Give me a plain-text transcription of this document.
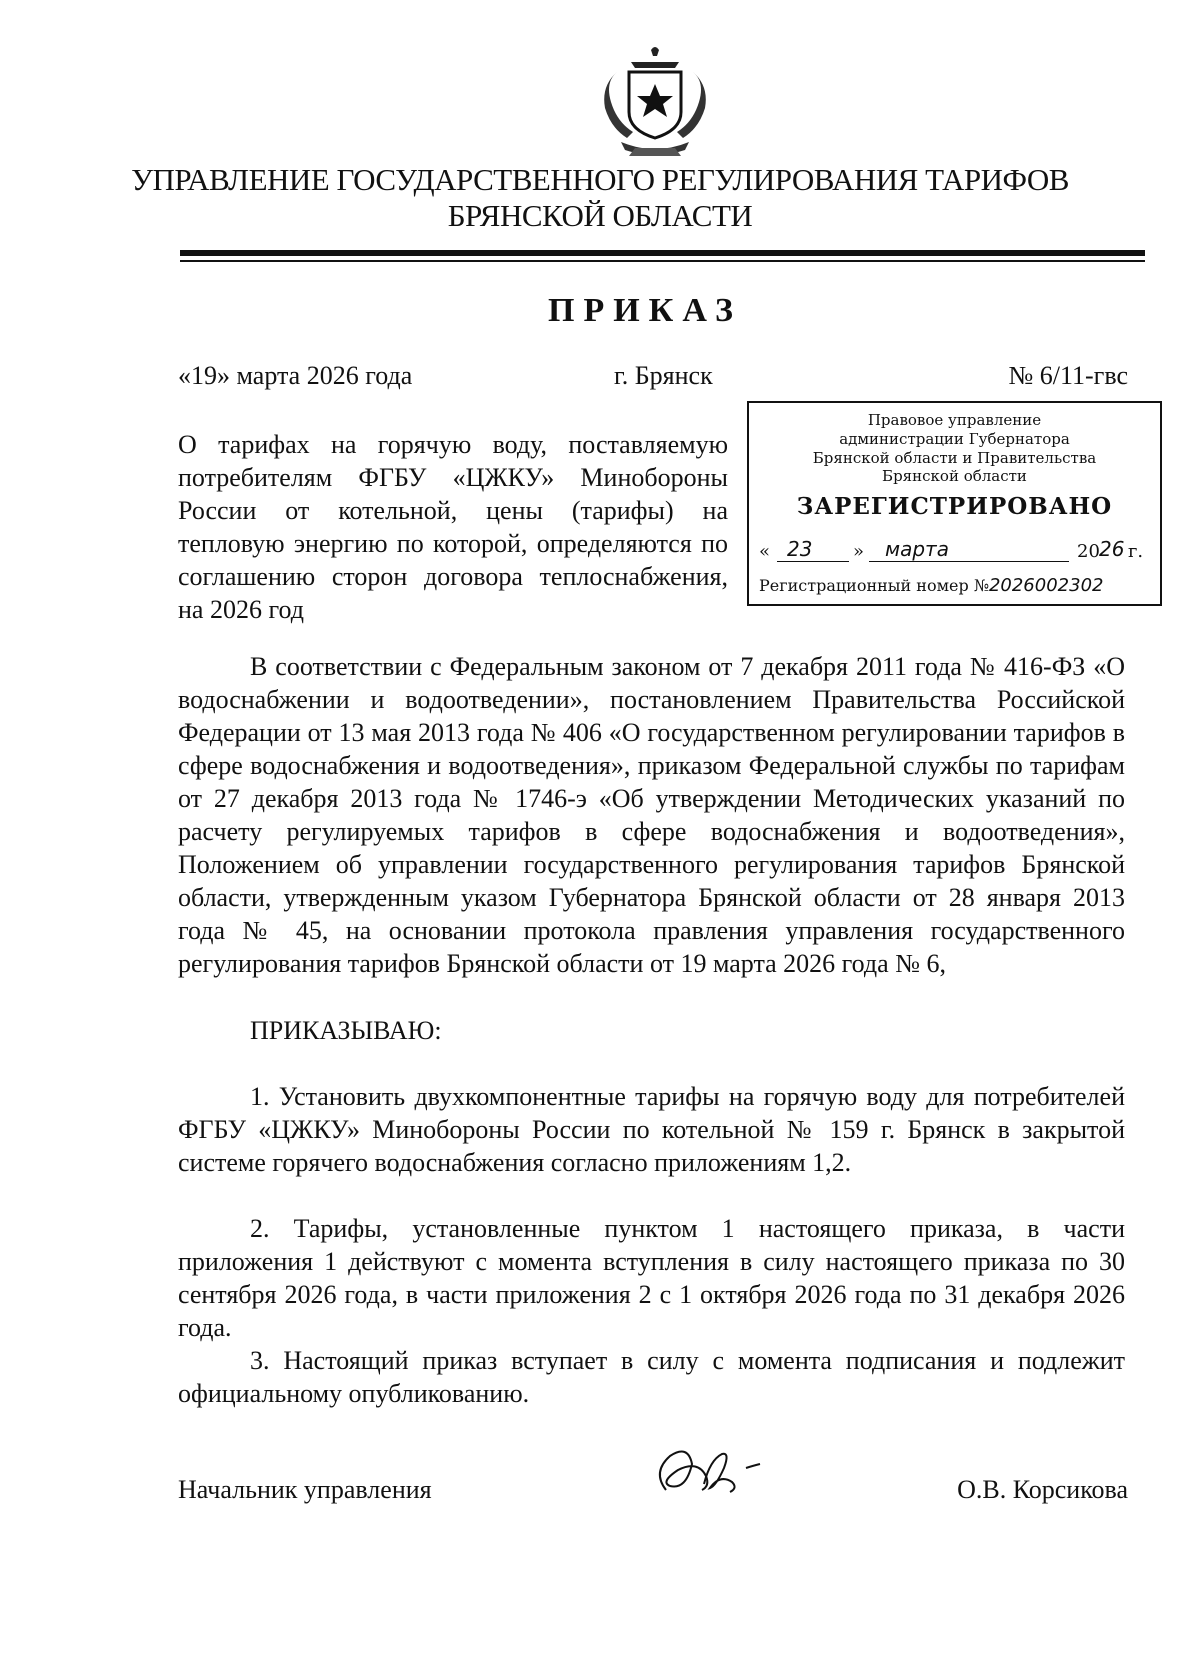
УПРАВЛЕНИЕ ГОСУДАРСТВЕННОГО РЕГУЛИРОВАНИЯ ТАРИФОВ
БРЯНСКОЙ ОБЛАСТИ
ПРИКАЗ
«19» марта 2026 года	г. Брянск	№ 6/11-гвс
О тарифах на горячую воду, поставляемую потребителям ФГБУ «ЦЖКУ» Минобороны России от котельной, цены (тарифы) на тепловую энергию по которой, определяются по соглашению сторон договора теплоснабжения, на 2026 год
Правовое управление
администрации Губернатора
Брянской области и Правительства
Брянской области
ЗАРЕГИСТРИРОВАНО
« 23 » марта	20 26 г.
Регистрационный номер №2026002302
В соответствии с Федеральным законом от 7 декабря 2011 года № 416-ФЗ «О водоснабжении и водоотведении», постановлением Правительства Российской Федерации от 13 мая 2013 года № 406 «О государственном регулировании тарифов в сфере водоснабжения и водоотведения», приказом Федеральной службы по тарифам от 27 декабря 2013 года № 1746-э «Об утверждении Методических указаний по расчету регулируемых тарифов в сфере водоснабжения и водоотведения», Положением об управлении государственного регулирования тарифов Брянской области, утвержденным указом Губернатора Брянской области от 28 января 2013 года № 45, на основании протокола правления управления государственного регулирования тарифов Брянской области от 19 марта 2026 года № 6,
ПРИКАЗЫВАЮ:
1. Установить двухкомпонентные тарифы на горячую воду для потребителей ФГБУ «ЦЖКУ» Минобороны России по котельной № 159 г. Брянск в закрытой системе горячего водоснабжения согласно приложениям 1,2.
2. Тарифы, установленные пунктом 1 настоящего приказа, в части приложения 1 действуют с момента вступления в силу настоящего приказа по 30 сентября 2026 года, в части приложения 2 с 1 октября 2026 года по 31 декабря 2026 года.
3. Настоящий приказ вступает в силу с момента подписания и подлежит официальному опубликованию.
Начальник управления	О.В. Корсикова
